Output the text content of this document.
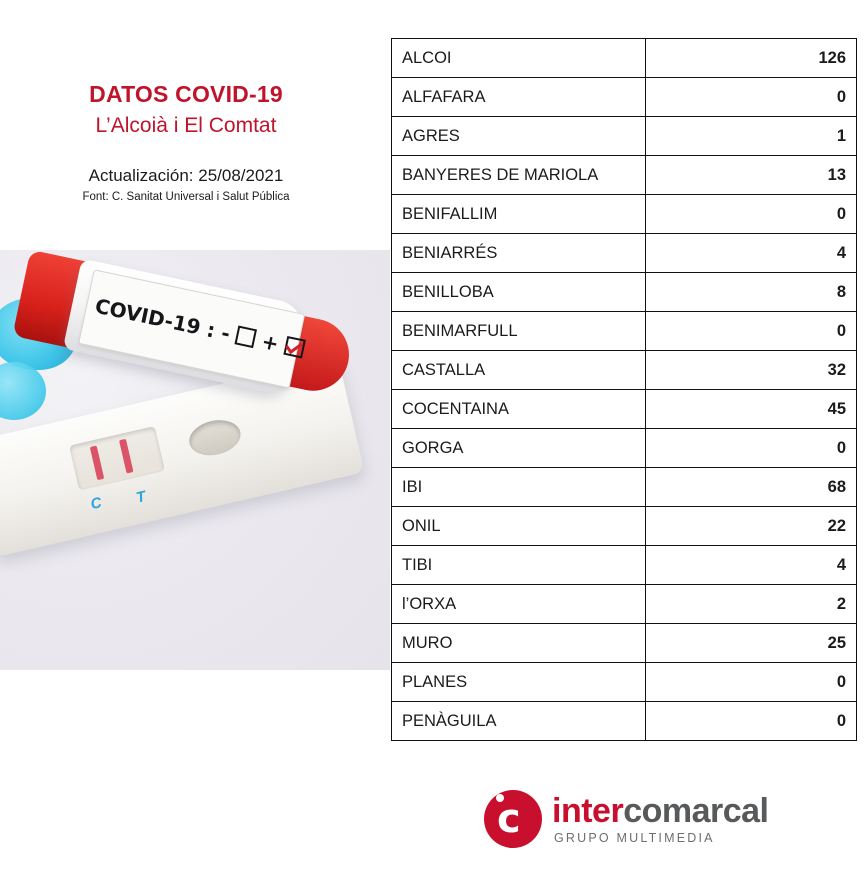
DATOS COVID-19
L’Alcoià i El Comtat
Actualización: 25/08/2021
Font: C. Sanitat Universal i Salut Pública
C T
COVID-19 : - +
ALCOI	126
ALFAFARA	0
AGRES	1
BANYERES DE MARIOLA	13
BENIFALLIM	0
BENIARRÉS	4
BENILLOBA	8
BENIMARFULL	0
CASTALLA	32
COCENTAINA	45
GORGA	0
IBI	68
ONIL	22
TIBI	4
l’ORXA	2
MURO	25
PLANES	0
PENÀGUILA	0
c intercomarcal
GRUPO MULTIMEDIA
